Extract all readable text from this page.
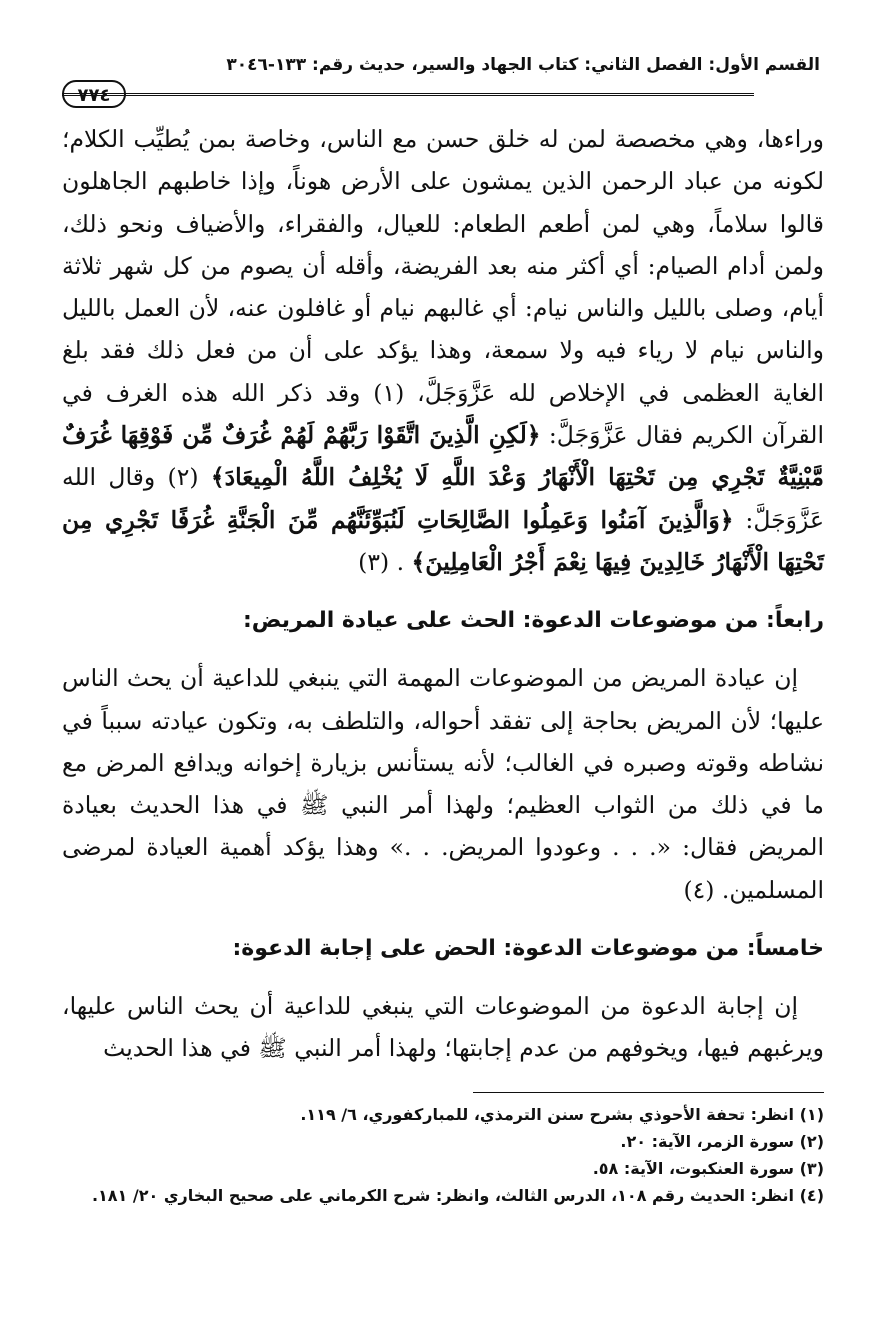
القسم الأول: الفصل الثاني: كتاب الجهاد والسير، حديث رقم: ١٣٣-٣٠٤٦
٧٧٤

وراءها، وهي مخصصة لمن له خلق حسن مع الناس، وخاصة بمن يُطيِّب الكلام؛ لكونه من عباد الرحمن الذين يمشون على الأرض هوناً، وإذا خاطبهم الجاهلون قالوا سلاماً، وهي لمن أطعم الطعام: للعيال، والفقراء، والأضياف ونحو ذلك، ولمن أدام الصيام: أي أكثر منه بعد الفريضة، وأقله أن يصوم من كل شهر ثلاثة أيام، وصلى بالليل والناس نيام: أي غالبهم نيام أو غافلون عنه، لأن العمل بالليل والناس نيام لا رياء فيه ولا سمعة، وهذا يؤكد على أن من فعل ذلك فقد بلغ الغاية العظمى في الإخلاص لله عَزَّوَجَلَّ، (١) وقد ذكر الله هذه الغرف في القرآن الكريم فقال عَزَّوَجَلَّ: ﴿لَكِنِ الَّذِينَ اتَّقَوْا رَبَّهُمْ لَهُمْ غُرَفٌ مِّن فَوْقِهَا غُرَفٌ مَّبْنِيَّةٌ تَجْرِي مِن تَحْتِهَا الْأَنْهَارُ وَعْدَ اللَّهِ لَا يُخْلِفُ اللَّهُ الْمِيعَادَ﴾ (٢) وقال الله عَزَّوَجَلَّ: ﴿وَالَّذِينَ آمَنُوا وَعَمِلُوا الصَّالِحَاتِ لَنُبَوِّئَنَّهُم مِّنَ الْجَنَّةِ غُرَفًا تَجْرِي مِن تَحْتِهَا الْأَنْهَارُ خَالِدِينَ فِيهَا نِعْمَ أَجْرُ الْعَامِلِينَ﴾ . (٣)

رابعاً: من موضوعات الدعوة: الحث على عيادة المريض:

إن عيادة المريض من الموضوعات المهمة التي ينبغي للداعية أن يحث الناس عليها؛ لأن المريض بحاجة إلى تفقد أحواله، والتلطف به، وتكون عيادته سبباً في نشاطه وقوته وصبره في الغالب؛ لأنه يستأنس بزيارة إخوانه ويدافع المرض مع ما في ذلك من الثواب العظيم؛ ولهذا أمر النبي ﷺ في هذا الحديث بعيادة المريض فقال: «. . . وعودوا المريض. . .» وهذا يؤكد أهمية العيادة لمرضى المسلمين. (٤)

خامساً: من موضوعات الدعوة: الحض على إجابة الدعوة:

إن إجابة الدعوة من الموضوعات التي ينبغي للداعية أن يحث الناس عليها، ويرغبهم فيها، ويخوفهم من عدم إجابتها؛ ولهذا أمر النبي ﷺ في هذا الحديث

(١) انظر: تحفة الأحوذي بشرح سنن الترمذي، للمباركفوري، ٦/ ١١٩.

(٢) سورة الزمر، الآية: ٢٠.

(٣) سورة العنكبوت، الآية: ٥٨.

(٤) انظر: الحديث رقم ١٠٨، الدرس الثالث، وانظر: شرح الكرماني على صحيح البخاري ٢٠/ ١٨١.
